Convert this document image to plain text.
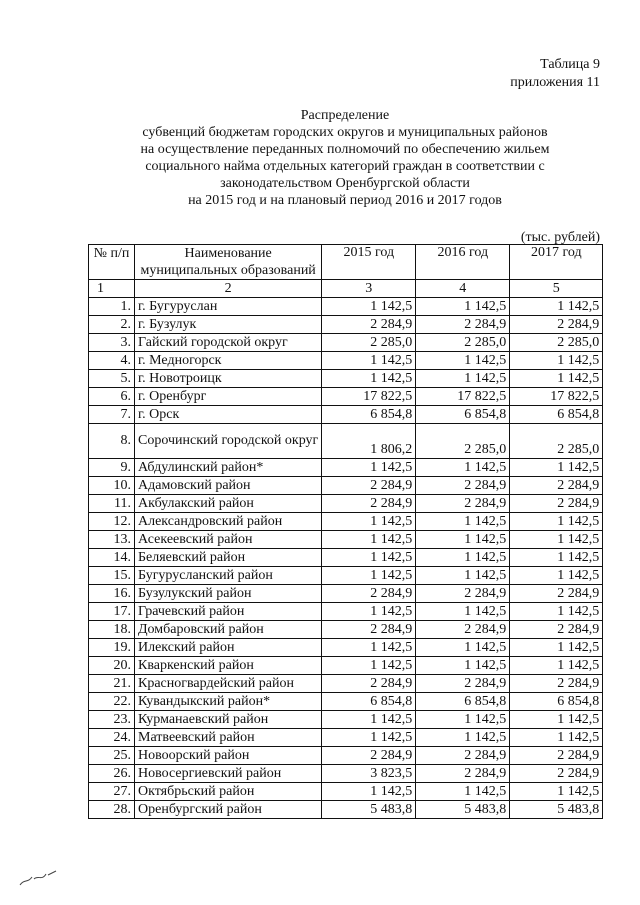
Таблица 9
приложения 11
Распределение
субвенций бюджетам городских округов и муниципальных районов
на осуществление переданных полномочий по обеспечению жильем
социального найма отдельных категорий граждан в соответствии с
законодательством Оренбургской области
на 2015 год и на плановый период 2016 и 2017 годов
(тыс. рублей)
№ п/п	Наименование муниципальных образований	2015 год	2016 год	2017 год
1	2	3	4	5
1.	г. Бугуруслан	1 142,5	1 142,5	1 142,5
2.	г. Бузулук	2 284,9	2 284,9	2 284,9
3.	Гайский городской округ	2 285,0	2 285,0	2 285,0
4.	г. Медногорск	1 142,5	1 142,5	1 142,5
5.	г. Новотроицк	1 142,5	1 142,5	1 142,5
6.	г. Оренбург	17 822,5	17 822,5	17 822,5
7.	г. Орск	6 854,8	6 854,8	6 854,8
8.	Сорочинский городской округ	1 806,2	2 285,0	2 285,0
9.	Абдулинский район*	1 142,5	1 142,5	1 142,5
10.	Адамовский район	2 284,9	2 284,9	2 284,9
11.	Акбулакский район	2 284,9	2 284,9	2 284,9
12.	Александровский район	1 142,5	1 142,5	1 142,5
13.	Асекеевский район	1 142,5	1 142,5	1 142,5
14.	Беляевский район	1 142,5	1 142,5	1 142,5
15.	Бугурусланский район	1 142,5	1 142,5	1 142,5
16.	Бузулукский район	2 284,9	2 284,9	2 284,9
17.	Грачевский район	1 142,5	1 142,5	1 142,5
18.	Домбаровский район	2 284,9	2 284,9	2 284,9
19.	Илекский район	1 142,5	1 142,5	1 142,5
20.	Кваркенский район	1 142,5	1 142,5	1 142,5
21.	Красногвардейский район	2 284,9	2 284,9	2 284,9
22.	Кувандыкский район*	6 854,8	6 854,8	6 854,8
23.	Курманаевский район	1 142,5	1 142,5	1 142,5
24.	Матвеевский район	1 142,5	1 142,5	1 142,5
25.	Новоорский район	2 284,9	2 284,9	2 284,9
26.	Новосергиевский район	3 823,5	2 284,9	2 284,9
27.	Октябрьский район	1 142,5	1 142,5	1 142,5
28.	Оренбургский район	5 483,8	5 483,8	5 483,8
